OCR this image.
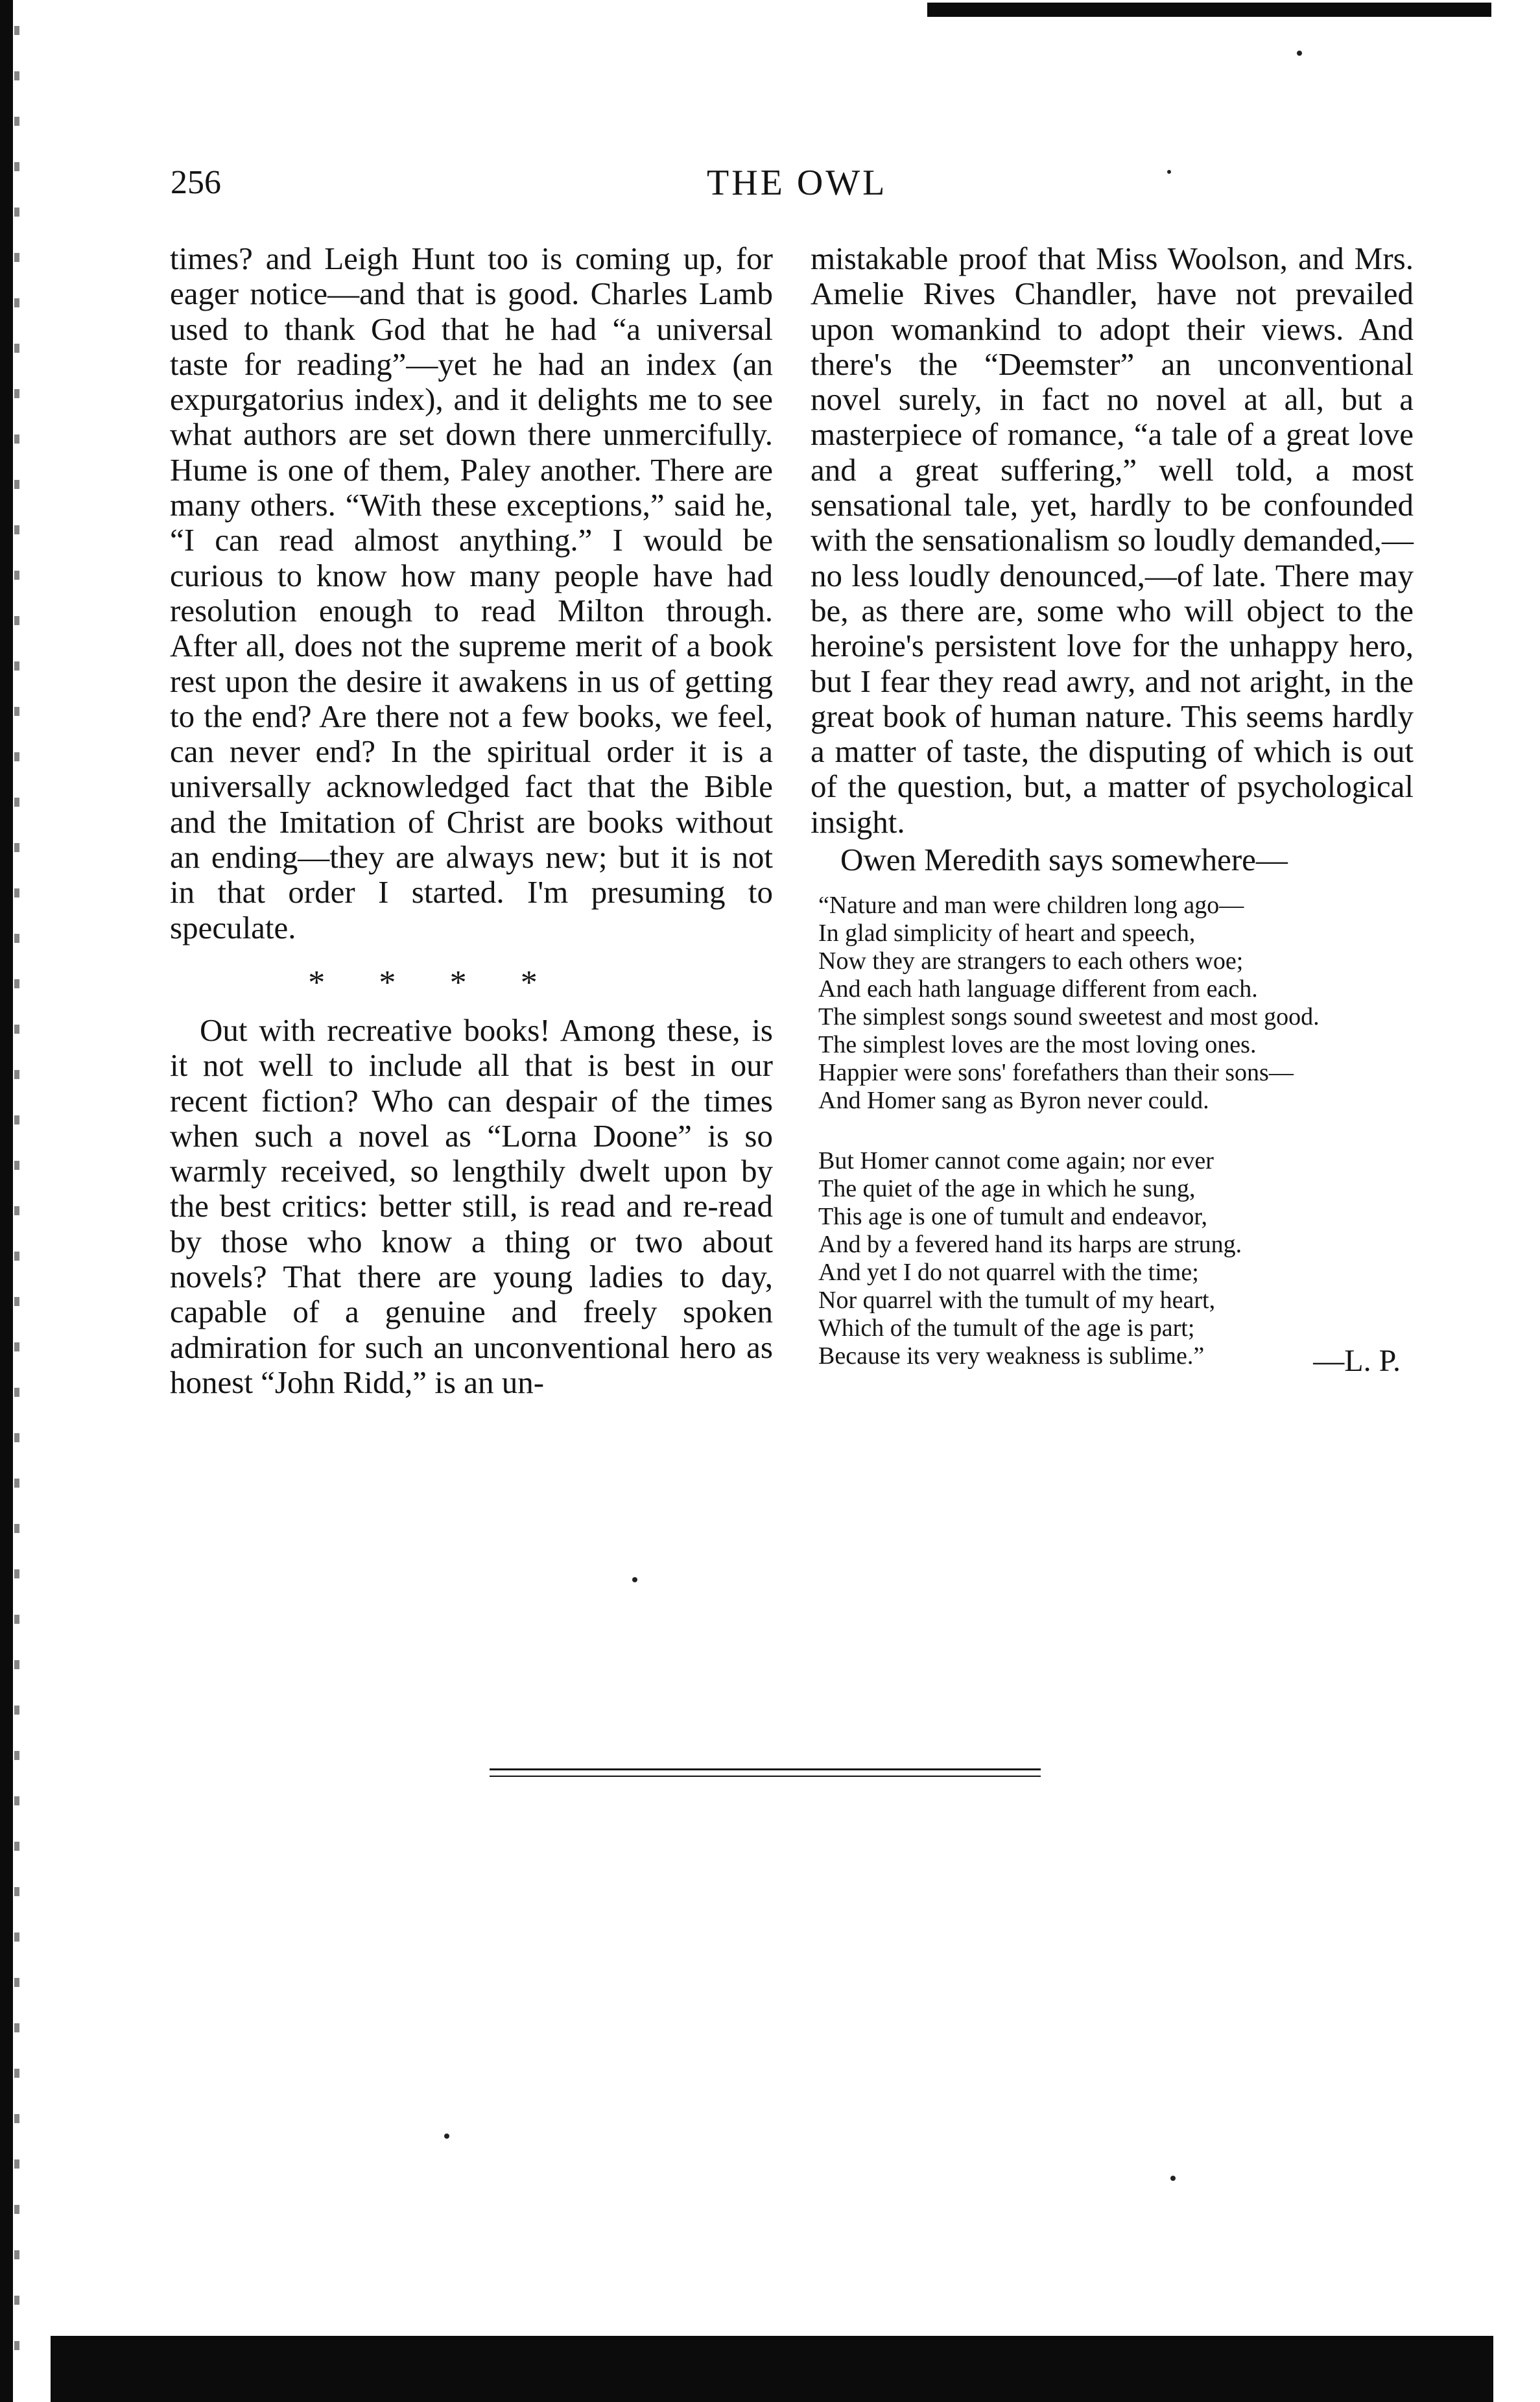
256	THE OWL

times? and Leigh Hunt too is coming up, for eager notice—and that is good. Charles Lamb used to thank God that he had “a universal taste for reading”—yet he had an index (an expurgatorius index), and it delights me to see what authors are set down there unmercifully. Hume is one of them, Paley another. There are many others. “With these exceptions,” said he, “I can read almost anything.” I would be curious to know how many people have had resolution enough to read Milton through. After all, does not the supreme merit of a book rest upon the desire it awakens in us of getting to the end? Are there not a few books, we feel, can never end? In the spiritual order it is a universally acknowledged fact that the Bible and the Imitation of Christ are books without an ending—they are always new; but it is not in that order I started. I'm presuming to speculate.

* * * *

Out with recreative books! Among these, is it not well to include all that is best in our recent fiction? Who can despair of the times when such a novel as “Lorna Doone” is so warmly received, so lengthily dwelt upon by the best critics: better still, is read and re-read by those who know a thing or two about novels? That there are young ladies to day, capable of a genuine and freely spoken admiration for such an unconventional hero as honest “John Ridd,” is an un-

mistakable proof that Miss Woolson, and Mrs. Amelie Rives Chandler, have not prevailed upon womankind to adopt their views. And there's the “Deemster” an unconventional novel surely, in fact no novel at all, but a masterpiece of romance, “a tale of a great love and a great suffering,” well told, a most sensational tale, yet, hardly to be confounded with the sensationalism so loudly demanded,—no less loudly denounced,—of late. There may be, as there are, some who will object to the heroine's persistent love for the unhappy hero, but I fear they read awry, and not aright, in the great book of human nature. This seems hardly a matter of taste, the disputing of which is out of the question, but, a matter of psychological insight.

Owen Meredith says somewhere—

“Nature and man were children long ago—
In glad simplicity of heart and speech,
Now they are strangers to each others woe;
And each hath language different from each.
The simplest songs sound sweetest and most good.
The simplest loves are the most loving ones.
Happier were sons' forefathers than their sons—
And Homer sang as Byron never could.
But Homer cannot come again; nor ever
The quiet of the age in which he sung,
This age is one of tumult and endeavor,
And by a fevered hand its harps are strung.
And yet I do not quarrel with the time;
Nor quarrel with the tumult of my heart,
Which of the tumult of the age is part;
Because its very weakness is sublime.”	—L. P.
